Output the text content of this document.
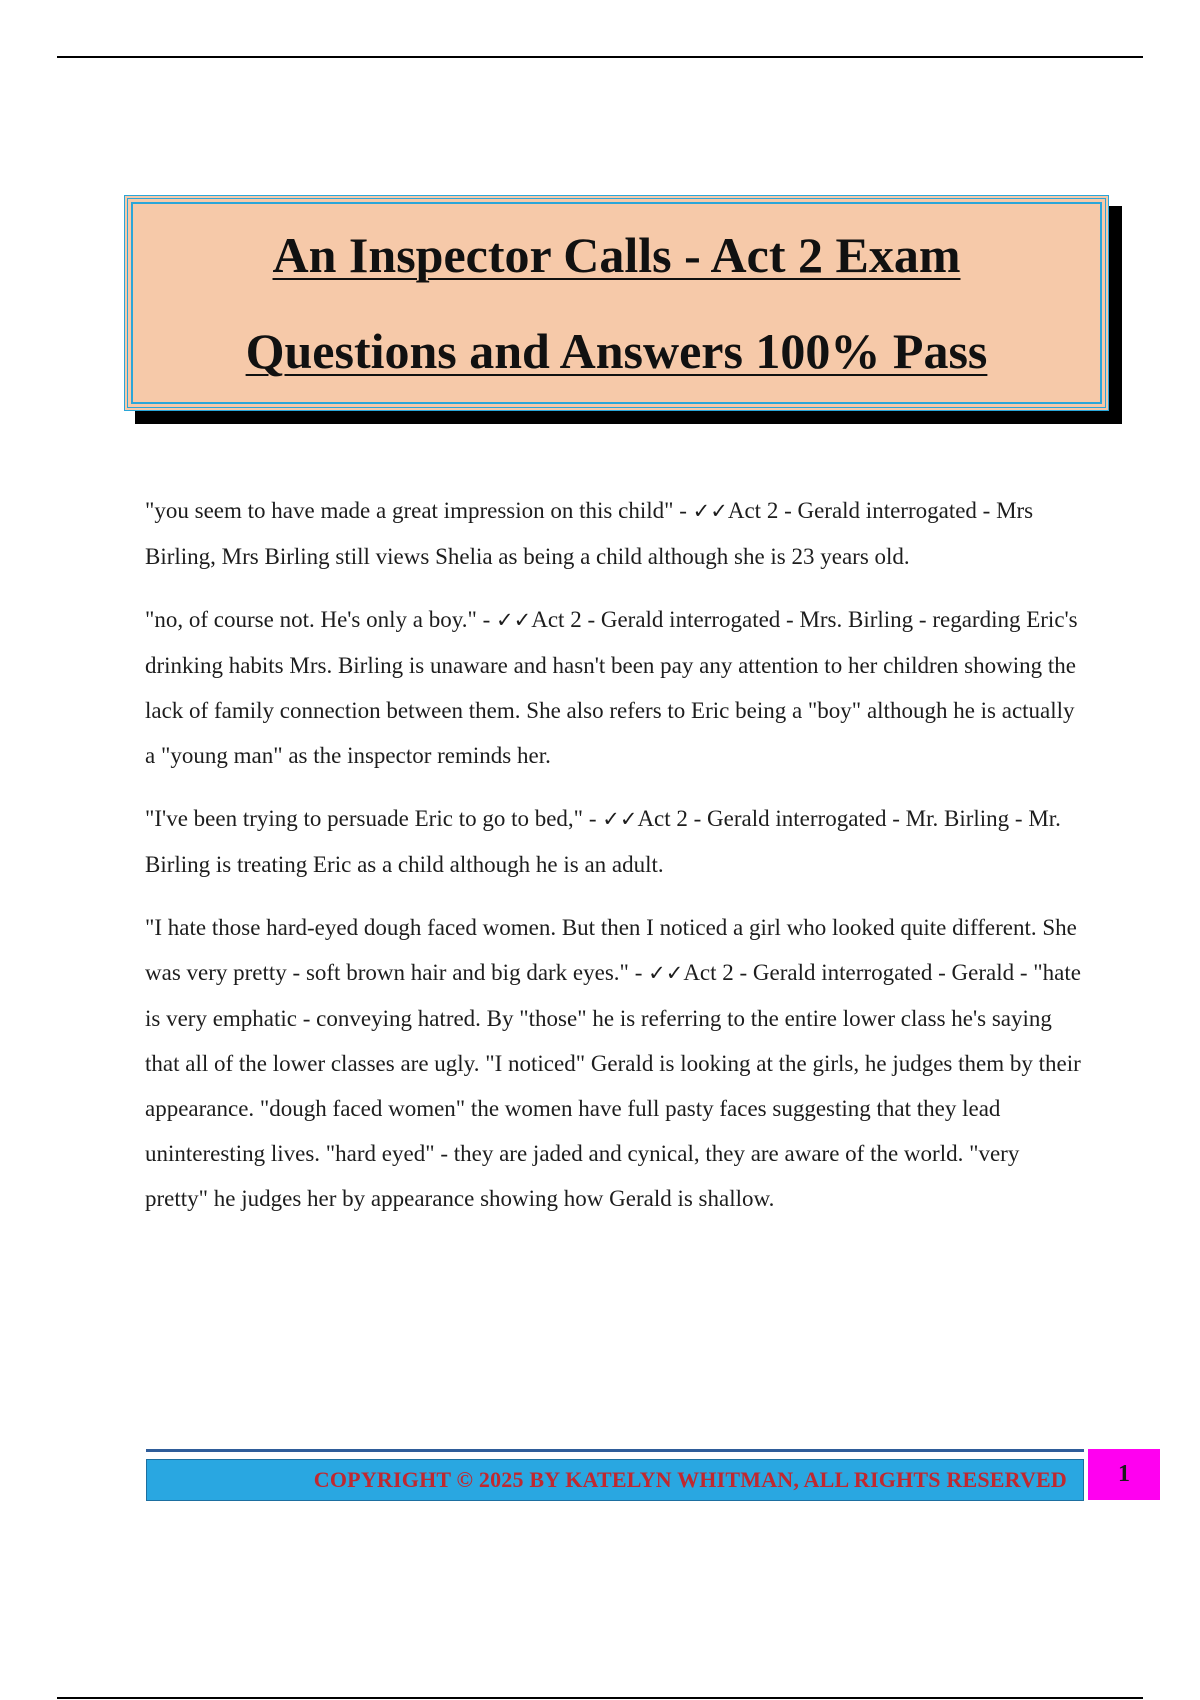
An Inspector Calls - Act 2 Exam
Questions and Answers 100% Pass

"you seem to have made a great impression on this child" - ✓✓Act 2 - Gerald interrogated - Mrs Birling, Mrs Birling still views Shelia as being a child although she is 23 years old.

"no, of course not. He's only a boy." - ✓✓Act 2 - Gerald interrogated - Mrs. Birling - regarding Eric's drinking habits Mrs. Birling is unaware and hasn't been pay any attention to her children showing the lack of family connection between them. She also refers to Eric being a "boy" although he is actually a "young man" as the inspector reminds her.

"I've been trying to persuade Eric to go to bed," - ✓✓Act 2 - Gerald interrogated - Mr. Birling - Mr. Birling is treating Eric as a child although he is an adult.

"I hate those hard-eyed dough faced women. But then I noticed a girl who looked quite different. She was very pretty - soft brown hair and big dark eyes." - ✓✓Act 2 - Gerald interrogated - Gerald - "hate is very emphatic - conveying hatred. By "those" he is referring to the entire lower class he's saying that all of the lower classes are ugly. "I noticed" Gerald is looking at the girls, he judges them by their appearance. "dough faced women" the women have full pasty faces suggesting that they lead uninteresting lives. "hard eyed" - they are jaded and cynical, they are aware of the world. "very pretty" he judges her by appearance showing how Gerald is shallow.

COPYRIGHT © 2025 BY KATELYN WHITMAN, ALL RIGHTS RESERVED 1
